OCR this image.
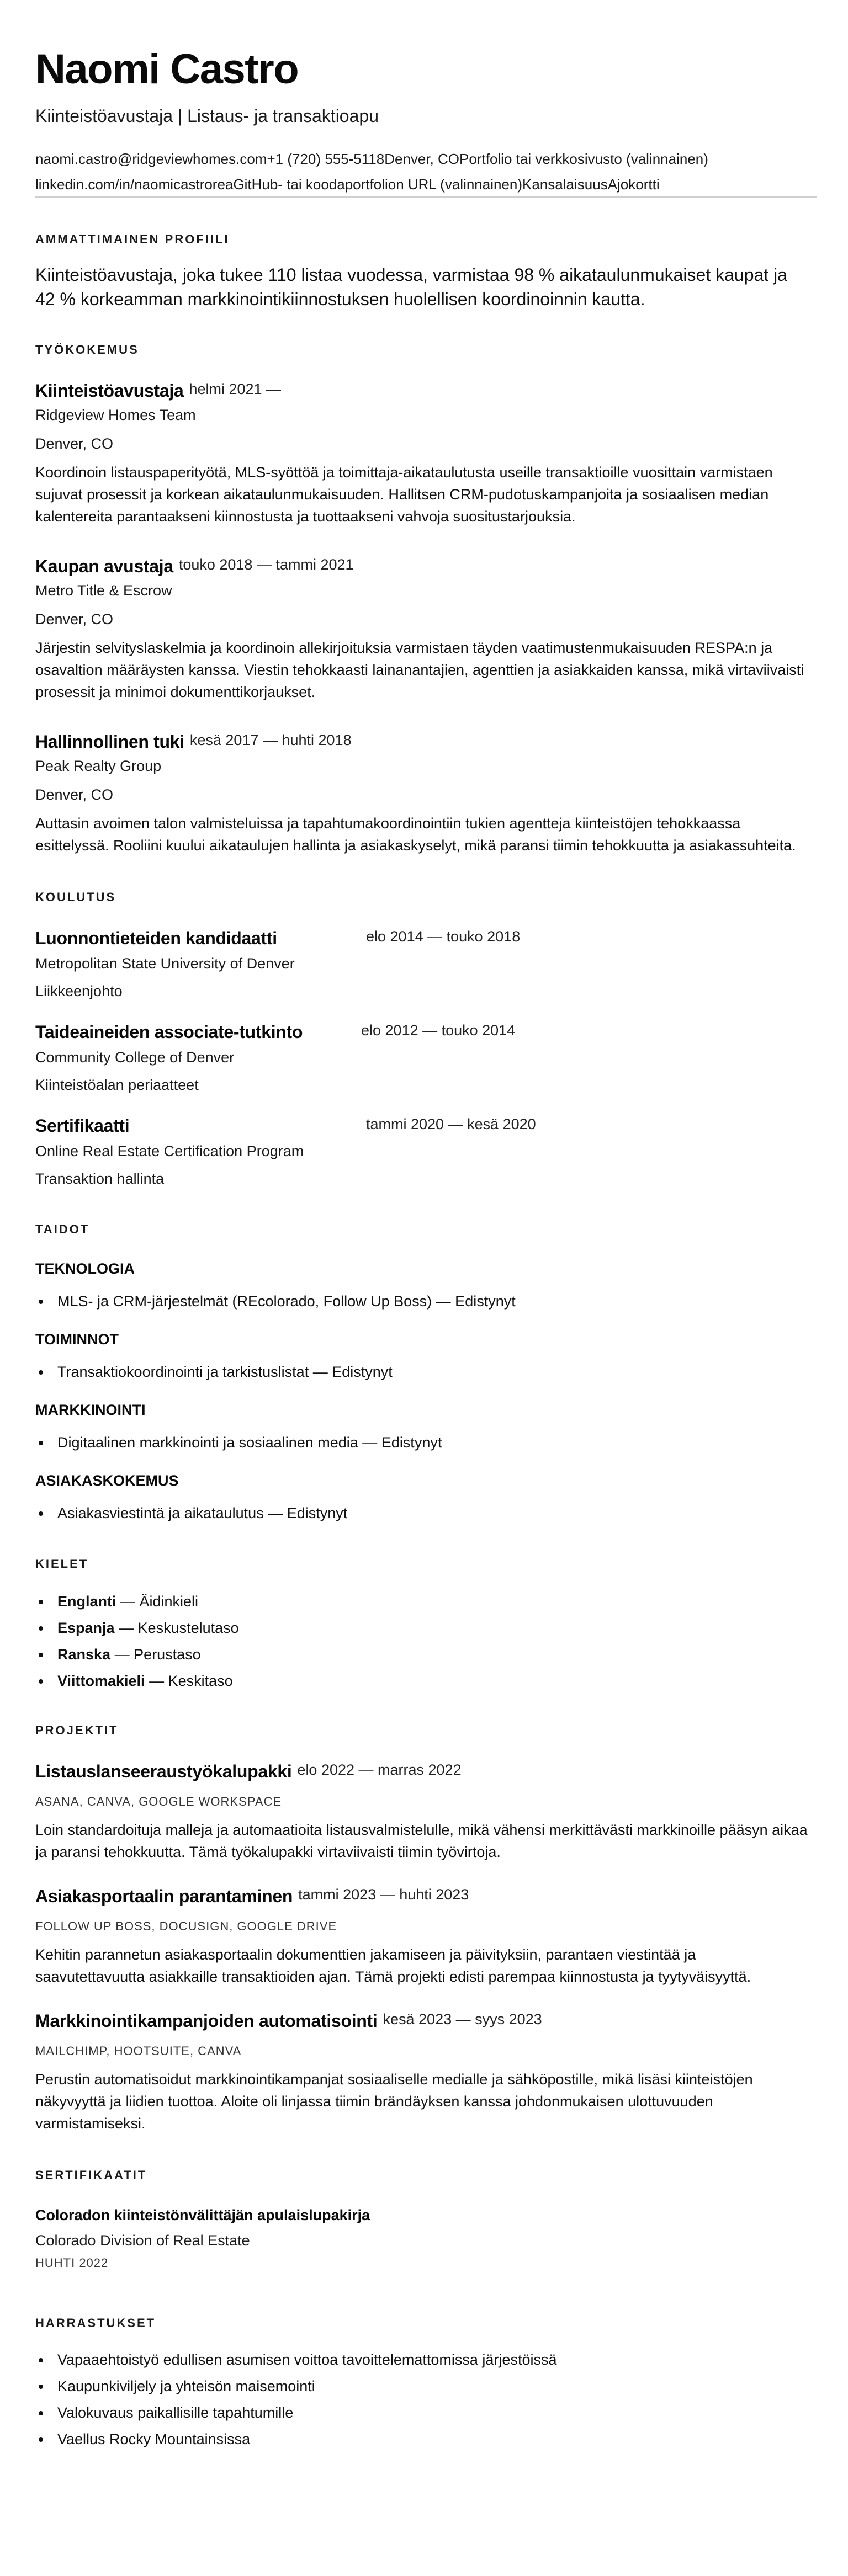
Naomi Castro
Kiinteistöavustaja | Listaus- ja transaktioapu
naomi.castro@ridgeviewhomes.com+1 (720) 555-5118Denver, COPortfolio tai verkkosivusto (valinnainen)
linkedin.com/in/naomicastroreaGitHub- tai koodaportfolion URL (valinnainen)KansalaisuusAjokortti
AMMATTIMAINEN PROFIILI

Kiinteistöavustaja, joka tukee 110 listaa vuodessa, varmistaa 98 % aikataulunmukaiset kaupat ja 42 % korkeamman markkinointikiinnostuksen huolellisen koordinoinnin kautta.

TYÖKOKEMUS
Kiinteistöavustaja helmi 2021 —
Ridgeview Homes Team
Denver, CO

Koordinoin listauspaperityötä, MLS-syöttöä ja toimittaja-aikataulutusta useille transaktioille vuosittain varmistaen sujuvat prosessit ja korkean aikataulunmukaisuuden. Hallitsen CRM-pudotuskampanjoita ja sosiaalisen median kalentereita parantaakseni kiinnostusta ja tuottaakseni vahvoja suositustarjouksia.

Kaupan avustaja touko 2018 — tammi 2021
Metro Title & Escrow
Denver, CO

Järjestin selvityslaskelmia ja koordinoin allekirjoituksia varmistaen täyden vaatimustenmukaisuuden RESPA:n ja osavaltion määräysten kanssa. Viestin tehokkaasti lainanantajien, agenttien ja asiakkaiden kanssa, mikä virtaviivaisti prosessit ja minimoi dokumenttikorjaukset.

Hallinnollinen tuki kesä 2017 — huhti 2018
Peak Realty Group
Denver, CO

Auttasin avoimen talon valmisteluissa ja tapahtumakoordinointiin tukien agentteja kiinteistöjen tehokkaassa esittelyssä. Rooliini kuului aikataulujen hallinta ja asiakaskyselyt, mikä paransi tiimin tehokkuutta ja asiakassuhteita.

KOULUTUS
Luonnontieteiden kandidaatti	elo 2014 — touko 2018
Metropolitan State University of Denver
Liikkeenjohto
Taideaineiden associate-tutkinto	elo 2012 — touko 2014
Community College of Denver
Kiinteistöalan periaatteet
Sertifikaatti	tammi 2020 — kesä 2020
Online Real Estate Certification Program
Transaktion hallinta
TAIDOT
TEKNOLOGIA
MLS- ja CRM-järjestelmät (REcolorado, Follow Up Boss) — Edistynyt
TOIMINNOT
Transaktiokoordinointi ja tarkistuslistat — Edistynyt
MARKKINOINTI
Digitaalinen markkinointi ja sosiaalinen media — Edistynyt
ASIAKASKOKEMUS
Asiakasviestintä ja aikataulutus — Edistynyt
KIELET
Englanti — Äidinkieli
Espanja — Keskustelutaso
Ranska — Perustaso
Viittomakieli — Keskitaso
PROJEKTIT
Listauslanseeraustyökalupakki elo 2022 — marras 2022
ASANA, CANVA, GOOGLE WORKSPACE

Loin standardoituja malleja ja automaatioita listausvalmistelulle, mikä vähensi merkittävästi markkinoille pääsyn aikaa ja paransi tehokkuutta. Tämä työkalupakki virtaviivaisti tiimin työvirtoja.

Asiakasportaalin parantaminen tammi 2023 — huhti 2023
FOLLOW UP BOSS, DOCUSIGN, GOOGLE DRIVE

Kehitin parannetun asiakasportaalin dokumenttien jakamiseen ja päivityksiin, parantaen viestintää ja saavutettavuutta asiakkaille transaktioiden ajan. Tämä projekti edisti parempaa kiinnostusta ja tyytyväisyyttä.

Markkinointikampanjoiden automatisointi kesä 2023 — syys 2023
MAILCHIMP, HOOTSUITE, CANVA

Perustin automatisoidut markkinointikampanjat sosiaaliselle medialle ja sähköpostille, mikä lisäsi kiinteistöjen näkyvyyttä ja liidien tuottoa. Aloite oli linjassa tiimin brändäyksen kanssa johdonmukaisen ulottuvuuden varmistamiseksi.

SERTIFIKAATIT
Coloradon kiinteistönvälittäjän apulaislupakirja
Colorado Division of Real Estate
HUHTI 2022
HARRASTUKSET
Vapaaehtoistyö edullisen asumisen voittoa tavoittelemattomissa järjestöissä
Kaupunkiviljely ja yhteisön maisemointi
Valokuvaus paikallisille tapahtumille
Vaellus Rocky Mountainsissa
